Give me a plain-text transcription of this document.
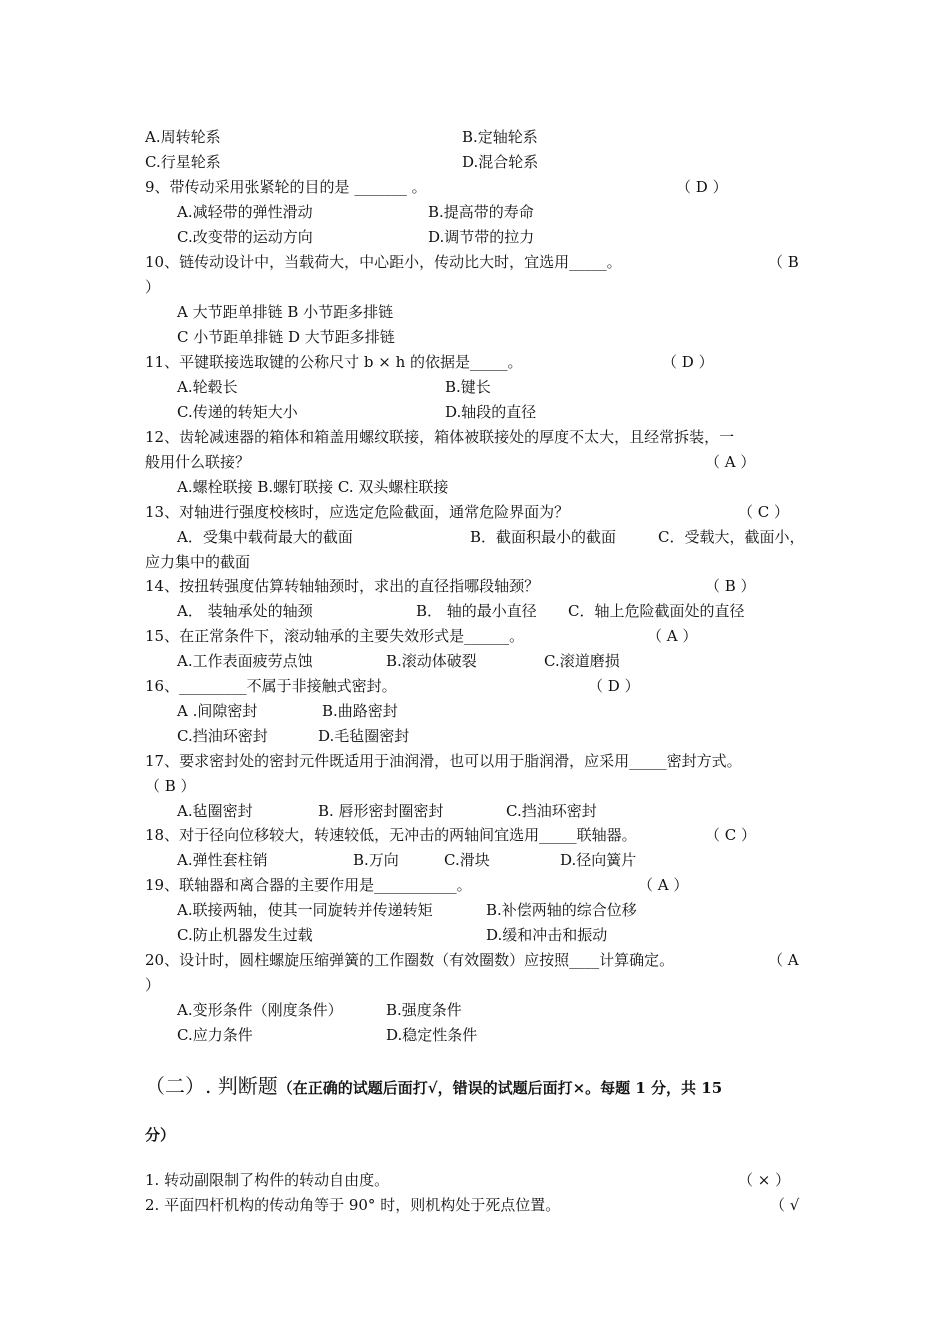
A.周转轮系	B.定轴轮系
C.行星轮系	D.混合轮系
9、带传动采用张紧轮的目的是 _______ 。	（ D ）
A.减轻带的弹性滑动	B.提高带的寿命
C.改变带的运动方向	D.调节带的拉力
10、链传动设计中，当载荷大，中心距小，传动比大时，宜选用_____。	（ B
）
A 大节距单排链 B 小节距多排链
C 小节距单排链 D 大节距多排链
11、平键联接选取键的公称尺寸 b × h 的依据是_____。	（ D ）
A.轮毂长	B.键长
C.传递的转矩大小	D.轴段的直径
12、齿轮减速器的箱体和箱盖用螺纹联接，箱体被联接处的厚度不太大，且经常拆装，一
般用什么联接？	（ A ）
A.螺栓联接 B.螺钉联接 C. 双头螺柱联接
13、对轴进行强度校核时，应选定危险截面，通常危险界面为？	（ C ）
A．受集中载荷最大的截面	B．截面积最小的截面	C．受载大，截面小，
应力集中的截面
14、按扭转强度估算转轴轴颈时，求出的直径指哪段轴颈？	（ B ）
A． 装轴承处的轴颈	B． 轴的最小直径 C．轴上危险截面处的直径
15、在正常条件下，滚动轴承的主要失效形式是______。	（ A ）
A.工作表面疲劳点蚀	B.滚动体破裂	C.滚道磨损
16、_________不属于非接触式密封。	（ D ）
A .间隙密封	B.曲路密封
C.挡油环密封	D.毛毡圈密封
17、要求密封处的密封元件既适用于油润滑，也可以用于脂润滑，应采用_____密封方式。
（ B ）
A.毡圈密封	B. 唇形密封圈密封	C.挡油环密封
18、对于径向位移较大，转速较低，无冲击的两轴间宜选用_____联轴器。	（ C ）
A.弹性套柱销	B.万向	C.滑块	D.径向簧片
19、联轴器和离合器的主要作用是___________。	（ A ）
A.联接两轴，使其一同旋转并传递转矩	B.补偿两轴的综合位移
C.防止机器发生过载	D.缓和冲击和振动
20、设计时，圆柱螺旋压缩弹簧的工作圈数（有效圈数）应按照____计算确定。	（ A
）
A.变形条件（刚度条件）	B.强度条件
C.应力条件	D.稳定性条件
（二）. 判断题（在正确的试题后面打√，错误的试题后面打×。每题 1 分，共 15
分）
1. 转动副限制了构件的转动自由度。	（ × ）
2. 平面四杆机构的传动角等于 90° 时，则机构处于死点位置。	（ √
